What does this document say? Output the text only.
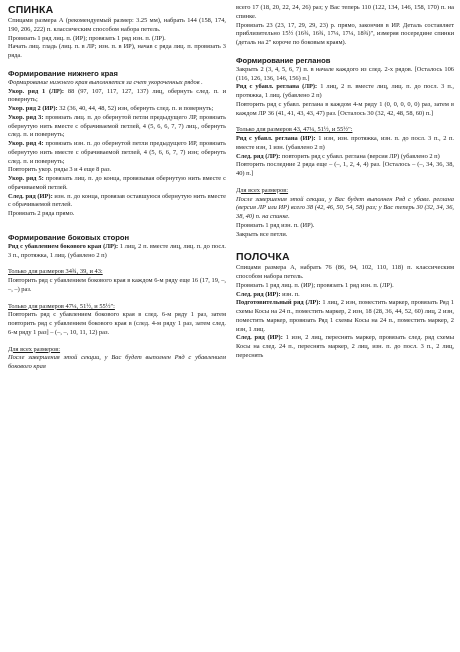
СПИНКА

Спицами размера А (рекомендуемый размер: 3.25 мм), набрать 144 (158, 174, 190, 206, 222) п. классическим способом набора петель.

Провязать 1 ряд лиц. п. (ИР); провязать 1 ряд изн. п. (ЛР).

Начать лиц. гладь (лиц. п. в ЛР; изн. п. в ИР), начав с ряда лиц. п. провязать 3 ряда.

Формирование нижнего края

Формирование нижнего края выполняется за счет укороченных рядов .

Укор. ряд 1 (ЛР): 88 (97, 107, 117, 127, 137) лиц, обернуть след. п. и повернуть;

Укор. ряд 2 (ИР): 32 (36, 40, 44, 48, 52) изн, обернуть след. п. и повернуть;

Укор. ряд 3: провязать лиц. п. до обернутой петли предыдущего ЛР, провязать обернутую нить вместе с обрачиваемой петлей, 4 (5, 6, 6, 7, 7) лиц., обернуть след. п. и повернуть;

Укор. ряд 4: провязать изн. п. до обернутой петли предыдущего ИР, провязать обернутую нить вместе с обрачиваемой петлей, 4 (5, 6, 6, 7, 7) изн; обернуть след. п. и повернуть;

Повторить укор. ряды 3 и 4 еще 8 раз.

Укор. ряд 5: провязать лиц. п. до конца, провязывая обернутую нить вместе с обрачиваемой петлей.

След. ряд (ИР): изн. п. до конца, провязав оставшуюся обернутую нить вместе с обрачиваемой петлей.

Провязать 2 ряда прямо.

Формирование боковых сторон

Ряд с убавлением бокового края (ЛР): 1 лиц, 2 п. вместе лиц, лиц. п. до посл. 3 п., протяжка, 1 лиц. (убавлено 2 п)

Только для размеров 34¾, 39, и 43:

Повторить ряд с убавлением бокового края в каждом 6-м ряду еще 16 (17, 19, –, –, –) раз.

Только для размеров 47¼, 51½, и 55½":

Повторить ряд с убавлением бокового края в след. 6-м ряду 1 раз, затем повторить ряд с убавлением бокового края в (след. 4-м ряду 1 раз, затем след. 6-м ряду 1 раз] – (–, –, 10, 11, 12) раз.

Для всех размеров:

После завершения этой секции, у Вас будет выполнен Ряд с убавлением бокового края

всего 17 (18, 20, 22, 24, 26) раз; у Вас теперь 110 (122, 134, 146, 158, 170) п. на спинке.

Провязать 23 (23, 17, 29, 29, 23) р. прямо, закончив в ИР. Деталь составляет приблизительно 15½ (16¾, 16¾, 17¼, 17¼, 18¾)", измеряя посередине спинки (деталь на 2" короче по боковым краям).

Формирование регланов

Закрыть 2 (3, 4, 5, 6, 7) п. в начале каждого из след. 2-х рядов. [Осталось 106 (116, 126, 136, 146, 156) п.]

Ряд с убавл. реглана (ЛР): 1 лиц, 2 п. вместе лиц, лиц. п. до посл. 3 п., протяжка, 1 лиц. (убавлено 2 п)

Повторить ряд с убавл. реглана в каждом 4-м ряду 1 (0, 0, 0, 0, 0) раз, затем в каждом ЛР 36 (41, 41, 43, 43, 47) раз. [Осталось 30 (32, 42, 48, 58, 60) п.]

Только для размеров 43, 47¼, 51½, и 55½":

Ряд с убавл. реглана (ИР): 1 изн, изн. протяжка, изн. п. до посл. 3 п., 2 п. вместе изн, 1 изн. (убавлено 2 п)

След. ряд (ЛР): повторить ряд с убавл. реглана (версия ЛР) (убавлено 2 п)

Повторить последние 2 ряда еще – (–, 1, 2, 4, 4) раз. [Осталось – (–, 34, 36, 38, 40) п.]

Для всех размеров:

После завершения этой секции, у Вас будет выполнен Ряд с убавл. реглана (версия ЛР или ИР) всего 38 (42, 46, 50, 54, 58) раз; у Вас теперь 30 (32, 34, 36, 38, 40) п. на спинке.

Провязать 1 ряд изн. п. (ИР).

Закрыть все петли.

ПОЛОЧКА

Спицами размера А, набрать 76 (86, 94, 102, 110, 118) п. классическим способом набора петель.

Провязать 1 ряд лиц. п. (ИР); провязать 1 ряд изн. п. (ЛР).

След. ряд (ИР): изн. п.

Подготовительный ряд (ЛР): 1 лиц, 2 изн, поместить маркер, провязать Ряд 1 схемы Косы на 24 п., поместить маркер, 2 изн, 18 (28, 36, 44, 52, 60) лиц, 2 изн, поместить маркер, провязать Ряд 1 схемы Косы на 24 п., поместить маркер, 2 изн, 1 лиц.

След. ряд (ИР): 1 изн, 2 лиц, переснять маркер, провязать след. ряд схемы Косы на след. 24 п., переснять маркер, 2 лиц, изн. п. до посл. 3 п., 2 лиц, переснять
